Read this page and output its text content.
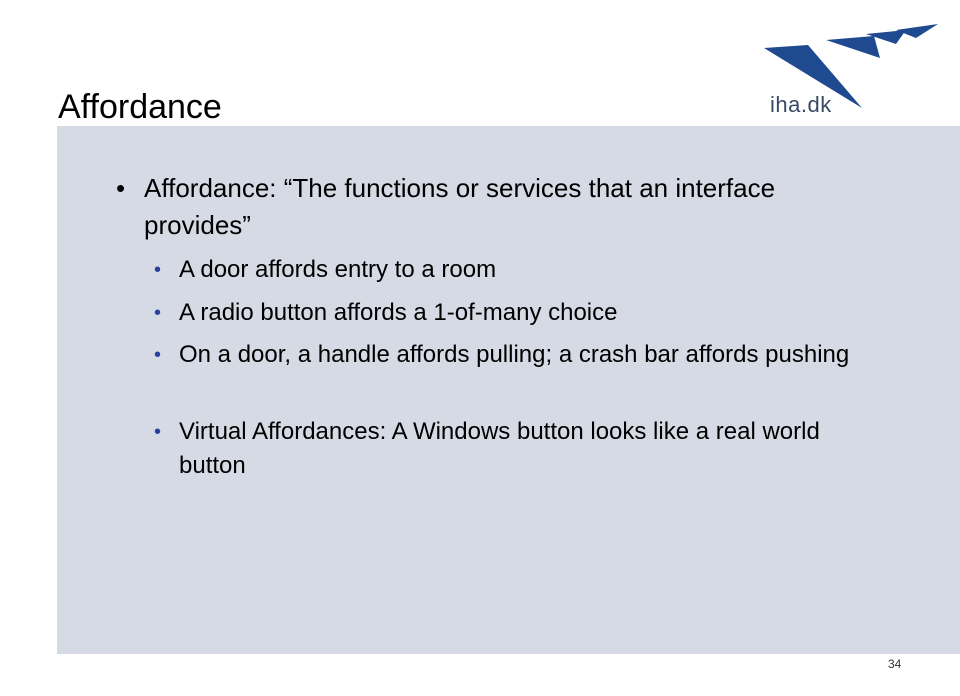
Affordance	iha.dk
• Affordance: “The functions or services that an interface provides”
• A door affords entry to a room
• A radio button affords a 1-of-many choice
• On a door, a handle affords pulling; a crash bar affords pushing
• Virtual Affordances: A Windows button looks like a real world button
34
